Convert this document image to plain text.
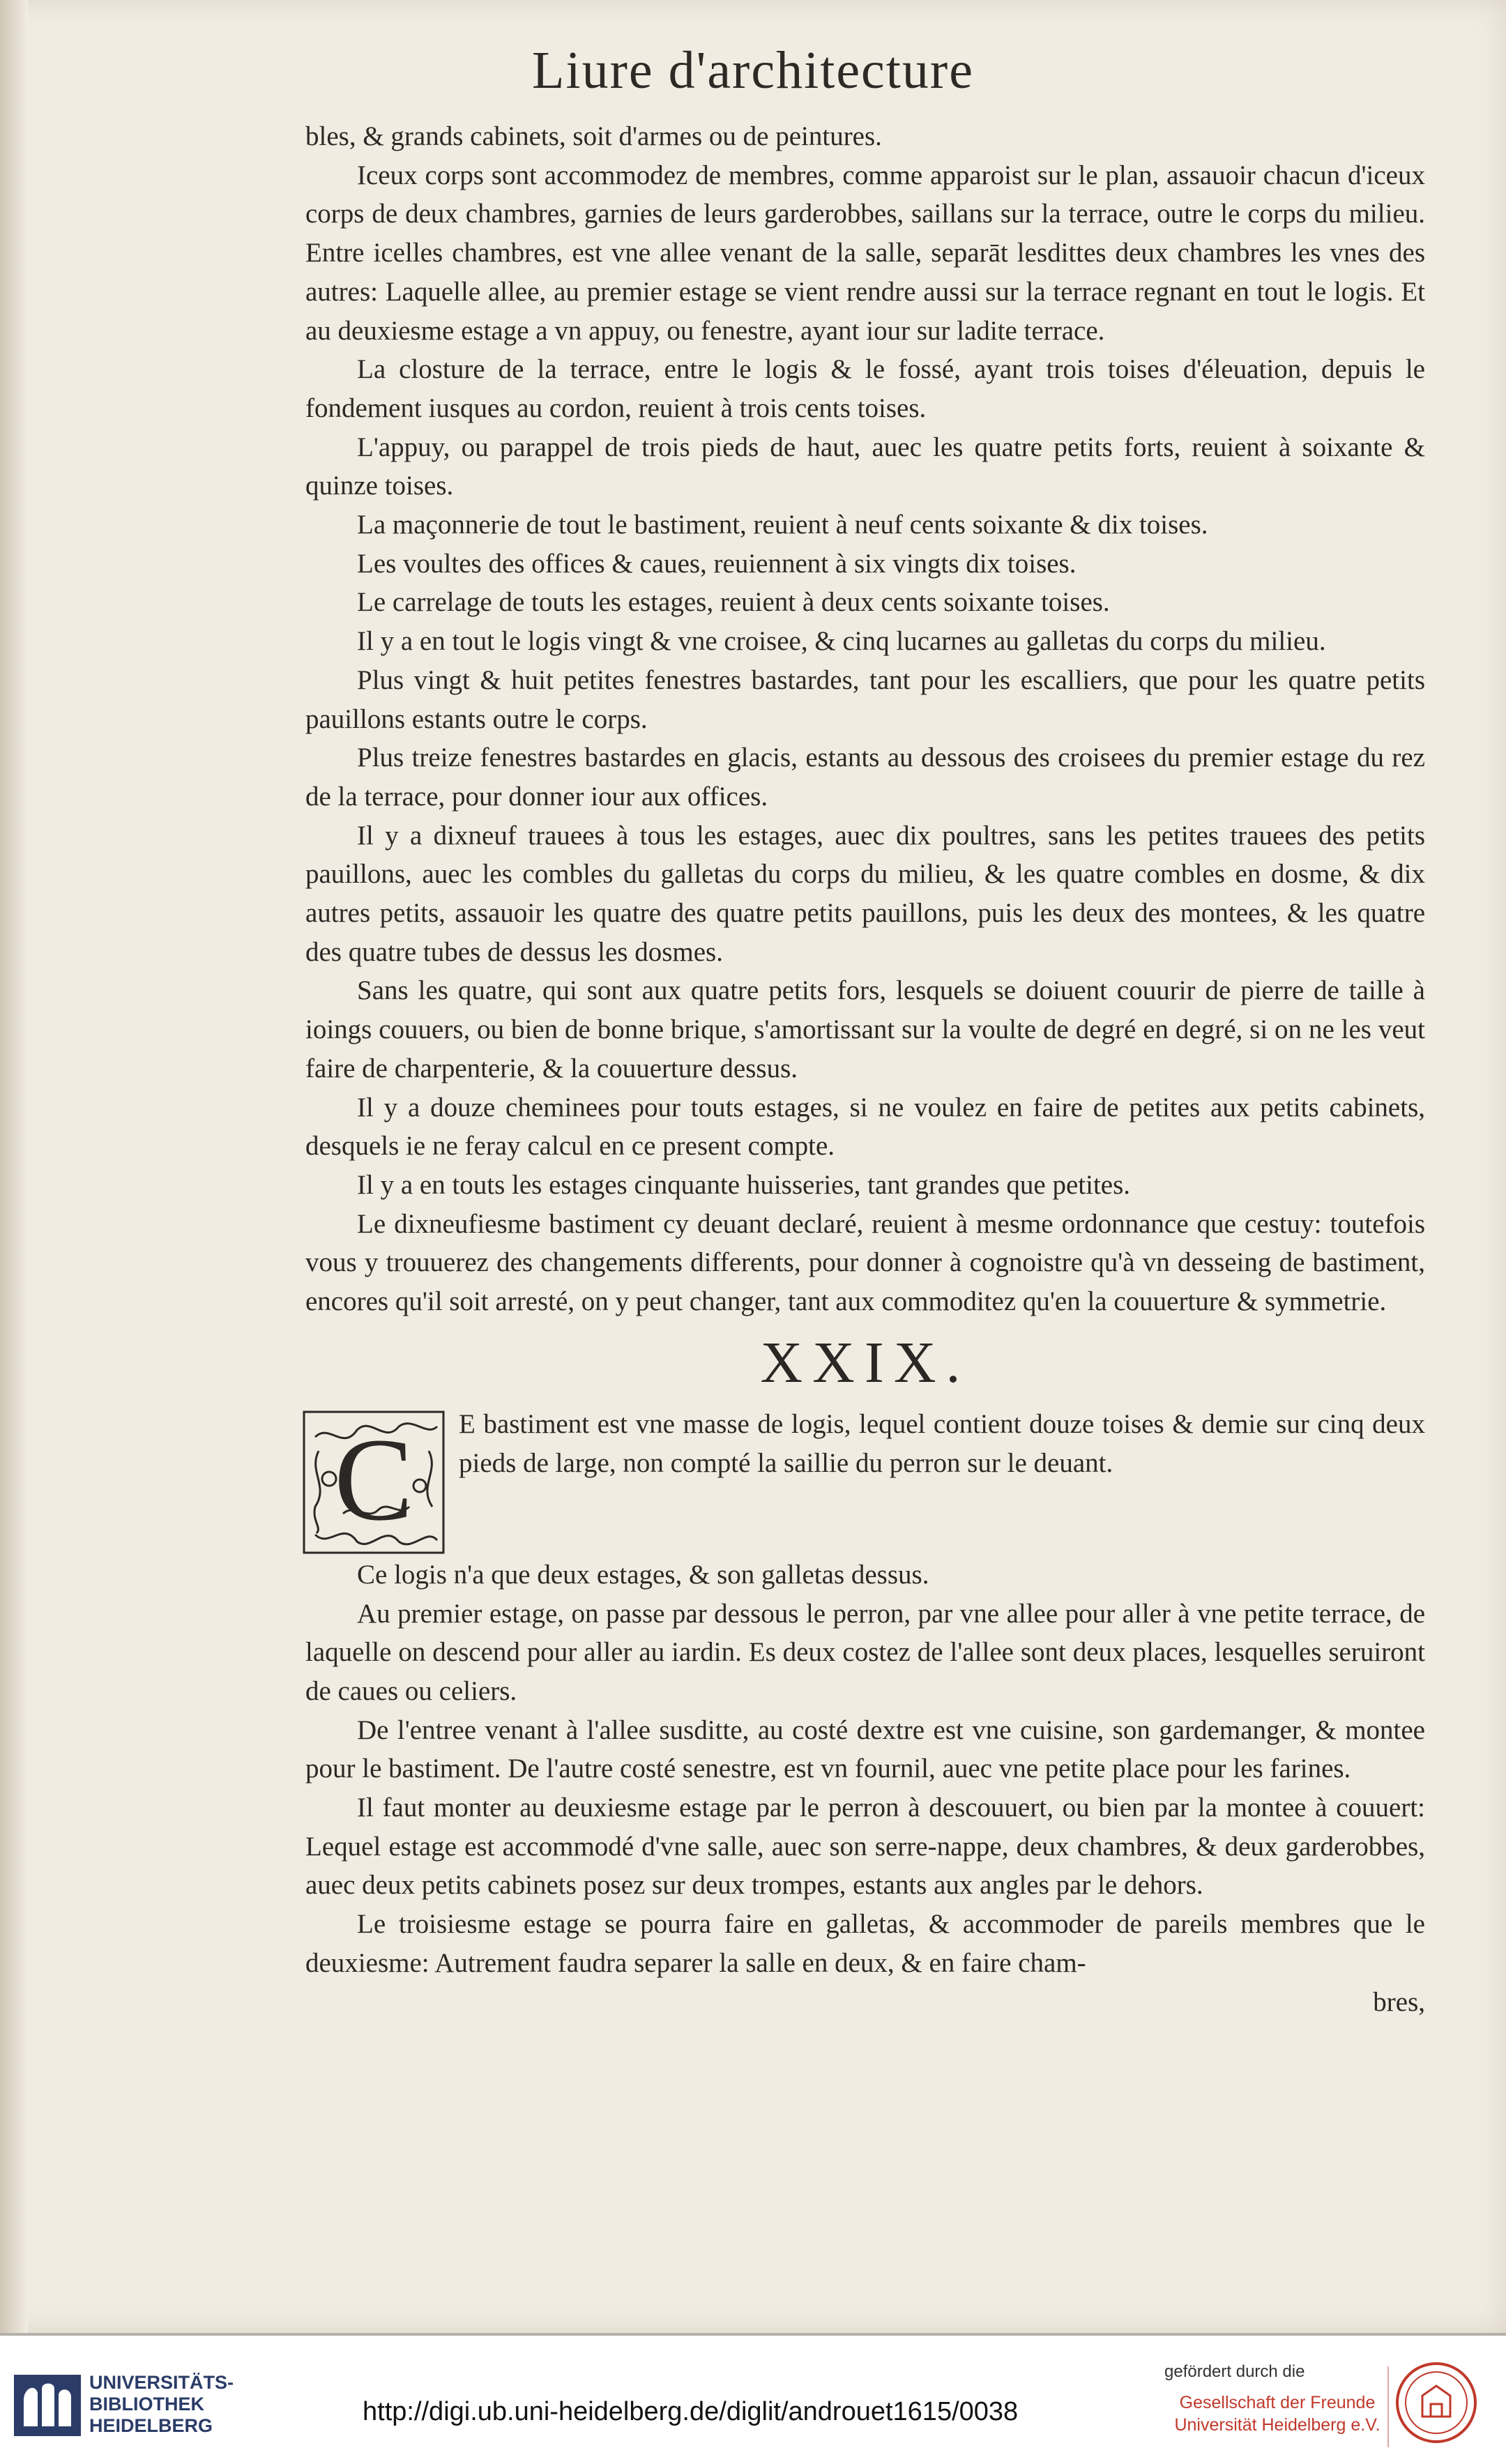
Liure d'architecture

bles, & grands cabinets, soit d'armes ou de peintures.

Iceux corps sont accommodez de membres, comme apparoist sur le plan, assauoir chacun d'iceux corps de deux chambres, garnies de leurs garderobbes, saillans sur la terrace, outre le corps du milieu. Entre icelles chambres, est vne allee venant de la salle, separāt lesdittes deux chambres les vnes des autres: Laquelle allee, au premier estage se vient rendre aussi sur la terrace regnant en tout le logis. Et au deuxiesme estage a vn appuy, ou fenestre, ayant iour sur ladite terrace.

La closture de la terrace, entre le logis & le fossé, ayant trois toises d'éleuation, depuis le fondement iusques au cordon, reuient à trois cents toises.

L'appuy, ou parappel de trois pieds de haut, auec les quatre petits forts, reuient à soixante & quinze toises.

La maçonnerie de tout le bastiment, reuient à neuf cents soixante & dix toises.

Les voultes des offices & caues, reuiennent à six vingts dix toises.

Le carrelage de touts les estages, reuient à deux cents soixante toises.

Il y a en tout le logis vingt & vne croisee, & cinq lucarnes au galletas du corps du milieu.

Plus vingt & huit petites fenestres bastardes, tant pour les escalliers, que pour les quatre petits pauillons estants outre le corps.

Plus treize fenestres bastardes en glacis, estants au dessous des croisees du premier estage du rez de la terrace, pour donner iour aux offices.

Il y a dixneuf trauees à tous les estages, auec dix poultres, sans les petites trauees des petits pauillons, auec les combles du galletas du corps du milieu, & les quatre combles en dosme, & dix autres petits, assauoir les quatre des quatre petits pauillons, puis les deux des montees, & les quatre des quatre tubes de dessus les dosmes.

Sans les quatre, qui sont aux quatre petits fors, lesquels se doiuent couurir de pierre de taille à ioings couuers, ou bien de bonne brique, s'amortissant sur la voulte de degré en degré, si on ne les veut faire de charpenterie, & la couuerture dessus.

Il y a douze cheminees pour touts estages, si ne voulez en faire de petites aux petits cabinets, desquels ie ne feray calcul en ce present compte.

Il y a en touts les estages cinquante huisseries, tant grandes que petites.

Le dixneufiesme bastiment cy deuant declaré, reuient à mesme ordonnance que cestuy: toutefois vous y trouuerez des changements differents, pour donner à cognoistre qu'à vn desseing de bastiment, encores qu'il soit arresté, on y peut changer, tant aux commoditez qu'en la couuerture & symmetrie.

XXIX.

C	E bastiment est vne masse de logis, lequel contient douze toises & demie sur cinq deux pieds de large, non compté la saillie du perron sur le deuant.

Ce logis n'a que deux estages, & son galletas dessus.

Au premier estage, on passe par dessous le perron, par vne allee pour aller à vne petite terrace, de laquelle on descend pour aller au iardin. Es deux costez de l'allee sont deux places, lesquelles seruiront de caues ou celiers.

De l'entree venant à l'allee susditte, au costé dextre est vne cuisine, son gardemanger, & montee pour le bastiment. De l'autre costé senestre, est vn fournil, auec vne petite place pour les farines.

Il faut monter au deuxiesme estage par le perron à descouuert, ou bien par la montee à couuert: Lequel estage est accommodé d'vne salle, auec son serre-nappe, deux chambres, & deux garderobbes, auec deux petits cabinets posez sur deux trompes, estants aux angles par le dehors.

Le troisiesme estage se pourra faire en galletas, & accommoder de pareils membres que le deuxiesme: Autrement faudra separer la salle en deux, & en faire cham-

bres,

UNIVERSITÄTS-
BIBLIOTHEK
HEIDELBERG	http://digi.ub.uni-heidelberg.de/diglit/androuet1615/0038
gefördert durch die
Gesellschaft der Freunde
Universität Heidelberg e.V.
